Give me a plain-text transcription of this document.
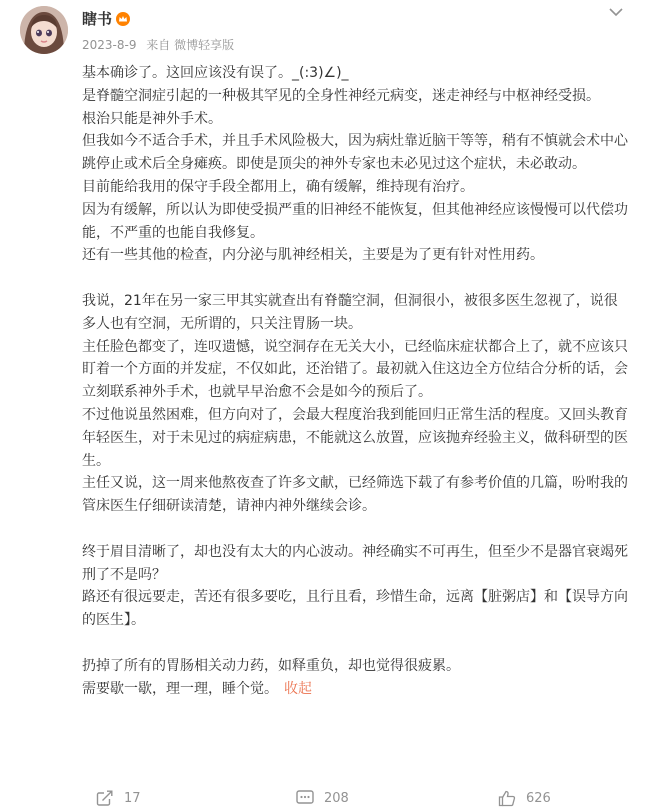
瞎书
2023-8-9 来自 微博轻享版

基本确诊了。这回应该没有误了。_(:3)∠)_

是脊髓空洞症引起的一种极其罕见的全身性神经元病变，迷走神经与中枢神经受损。

根治只能是神外手术。

但我如今不适合手术，并且手术风险极大，因为病灶靠近脑干等等，稍有不慎就会术中心跳停止或术后全身瘫痪。即使是顶尖的神外专家也未必见过这个症状，未必敢动。

目前能给我用的保守手段全都用上，确有缓解，维持现有治疗。

因为有缓解，所以认为即使受损严重的旧神经不能恢复，但其他神经应该慢慢可以代偿功能，不严重的也能自我修复。

还有一些其他的检查，内分泌与肌神经相关，主要是为了更有针对性用药。

我说，21年在另一家三甲其实就查出有脊髓空洞，但洞很小，被很多医生忽视了，说很多人也有空洞，无所谓的，只关注胃肠一块。

主任脸色都变了，连叹遗憾，说空洞存在无关大小，已经临床症状都合上了，就不应该只盯着一个方面的并发症，不仅如此，还治错了。最初就入住这边全方位结合分析的话，会立刻联系神外手术，也就早早治愈不会是如今的预后了。

不过他说虽然困难，但方向对了，会最大程度治我到能回归正常生活的程度。又回头教育年轻医生，对于未见过的病症病患，不能就这么放置，应该抛弃经验主义，做科研型的医生。

主任又说，这一周来他熬夜查了许多文献，已经筛选下载了有参考价值的几篇，吩咐我的管床医生仔细研读清楚，请神内神外继续会诊。

终于眉目清晰了，却也没有太大的内心波动。神经确实不可再生，但至少不是器官衰竭死刑了不是吗？

路还有很远要走，苦还有很多要吃，且行且看，珍惜生命，远离【脏粥店】和【误导方向的医生】。

扔掉了所有的胃肠相关动力药，如释重负，却也觉得很疲累。

需要歇一歇，理一理，睡个觉。 收起

17	208	626
